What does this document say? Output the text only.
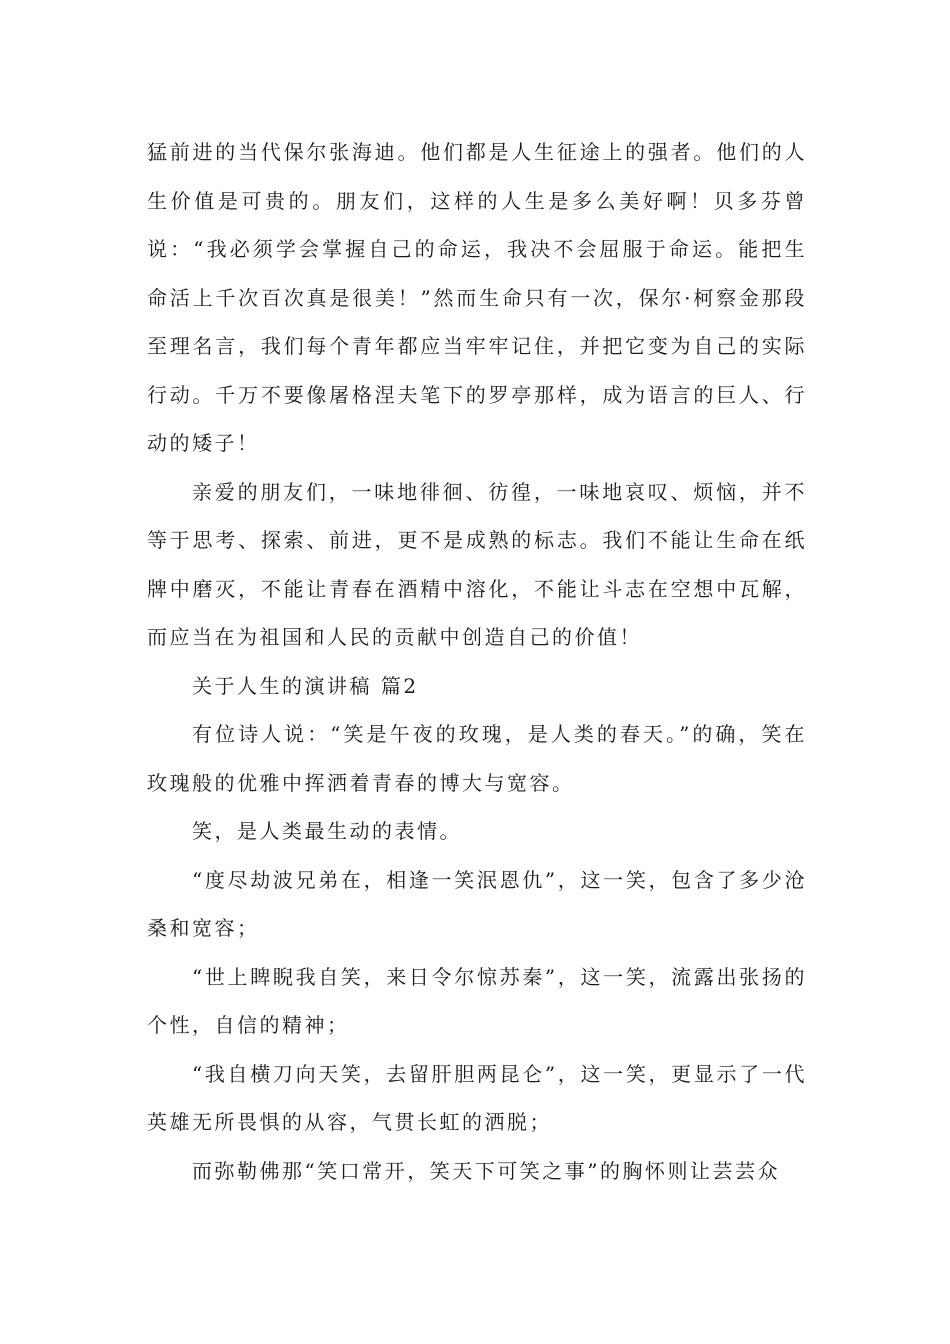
猛前进的当代保尔张海迪。他们都是人生征途上的强者。他们的人生价值是可贵的。朋友们，这样的人生是多么美好啊！贝多芬曾说：“我必须学会掌握自己的命运，我决不会屈服于命运。能把生命活上千次百次真是很美！”然而生命只有一次，保尔·柯察金那段至理名言，我们每个青年都应当牢牢记住，并把它变为自己的实际行动。千万不要像屠格涅夫笔下的罗亭那样，成为语言的巨人、行动的矮子！

亲爱的朋友们，一味地徘徊、彷徨，一味地哀叹、烦恼，并不等于思考、探索、前进，更不是成熟的标志。我们不能让生命在纸牌中磨灭，不能让青春在酒精中溶化，不能让斗志在空想中瓦解，而应当在为祖国和人民的贡献中创造自己的价值！

关于人生的演讲稿 篇2

有位诗人说：“笑是午夜的玫瑰，是人类的春天。”的确，笑在玫瑰般的优雅中挥洒着青春的博大与宽容。

笑，是人类最生动的表情。

“度尽劫波兄弟在，相逢一笑泯恩仇”，这一笑，包含了多少沧桑和宽容；

“世上睥睨我自笑，来日令尔惊苏秦”，这一笑，流露出张扬的个性，自信的精神；

“我自横刀向天笑，去留肝胆两昆仑”，这一笑，更显示了一代英雄无所畏惧的从容，气贯长虹的洒脱；

而弥勒佛那“笑口常开，笑天下可笑之事”的胸怀则让芸芸众
